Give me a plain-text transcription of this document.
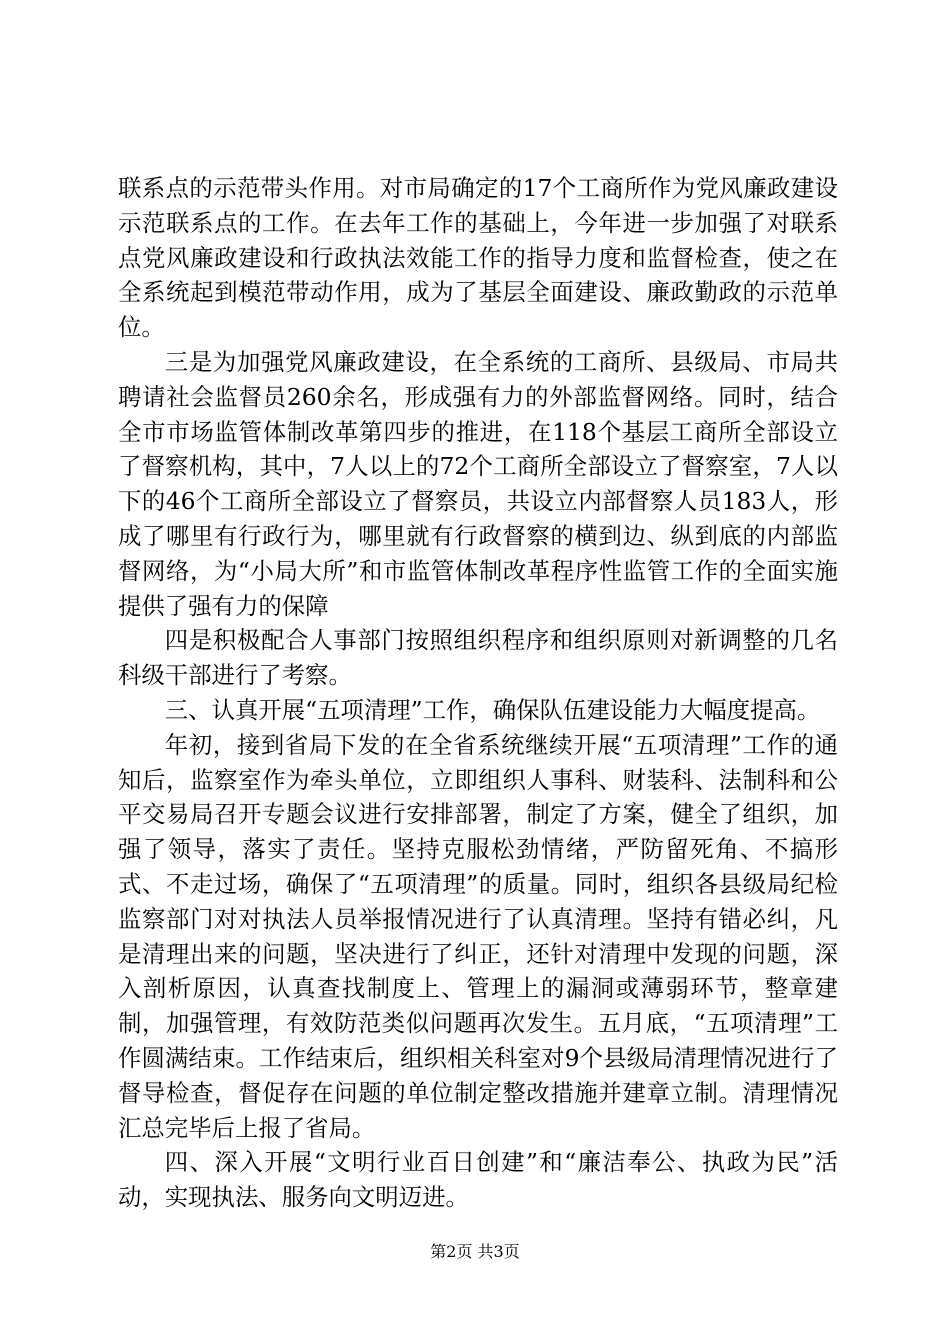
联系点的示范带头作用。对市局确定的17个工商所作为党风廉政建设示范联系点的工作。在去年工作的基础上，今年进一步加强了对联系点党风廉政建设和行政执法效能工作的指导力度和监督检查，使之在全系统起到模范带动作用，成为了基层全面建设、廉政勤政的示范单位。

三是为加强党风廉政建设，在全系统的工商所、县级局、市局共聘请社会监督员260余名，形成强有力的外部监督网络。同时，结合全市市场监管体制改革第四步的推进，在118个基层工商所全部设立了督察机构，其中，7人以上的72个工商所全部设立了督察室，7人以下的46个工商所全部设立了督察员，共设立内部督察人员183人，形成了哪里有行政行为，哪里就有行政督察的横到边、纵到底的内部监督网络，为“小局大所”和市监管体制改革程序性监管工作的全面实施提供了强有力的保障

四是积极配合人事部门按照组织程序和组织原则对新调整的几名科级干部进行了考察。

三、认真开展“五项清理”工作，确保队伍建设能力大幅度提高。

年初，接到省局下发的在全省系统继续开展“五项清理”工作的通知后，监察室作为牵头单位，立即组织人事科、财装科、法制科和公平交易局召开专题会议进行安排部署，制定了方案，健全了组织，加强了领导，落实了责任。坚持克服松劲情绪，严防留死角、不搞形式、不走过场，确保了“五项清理”的质量。同时，组织各县级局纪检监察部门对对执法人员举报情况进行了认真清理。坚持有错必纠，凡是清理出来的问题，坚决进行了纠正，还针对清理中发现的问题，深入剖析原因，认真查找制度上、管理上的漏洞或薄弱环节，整章建制，加强管理，有效防范类似问题再次发生。五月底，“五项清理”工作圆满结束。工作结束后，组织相关科室对9个县级局清理情况进行了督导检查，督促存在问题的单位制定整改措施并建章立制。清理情况汇总完毕后上报了省局。

四、深入开展“文明行业百日创建”和“廉洁奉公、执政为民”活动，实现执法、服务向文明迈进。

第2页 共3页
